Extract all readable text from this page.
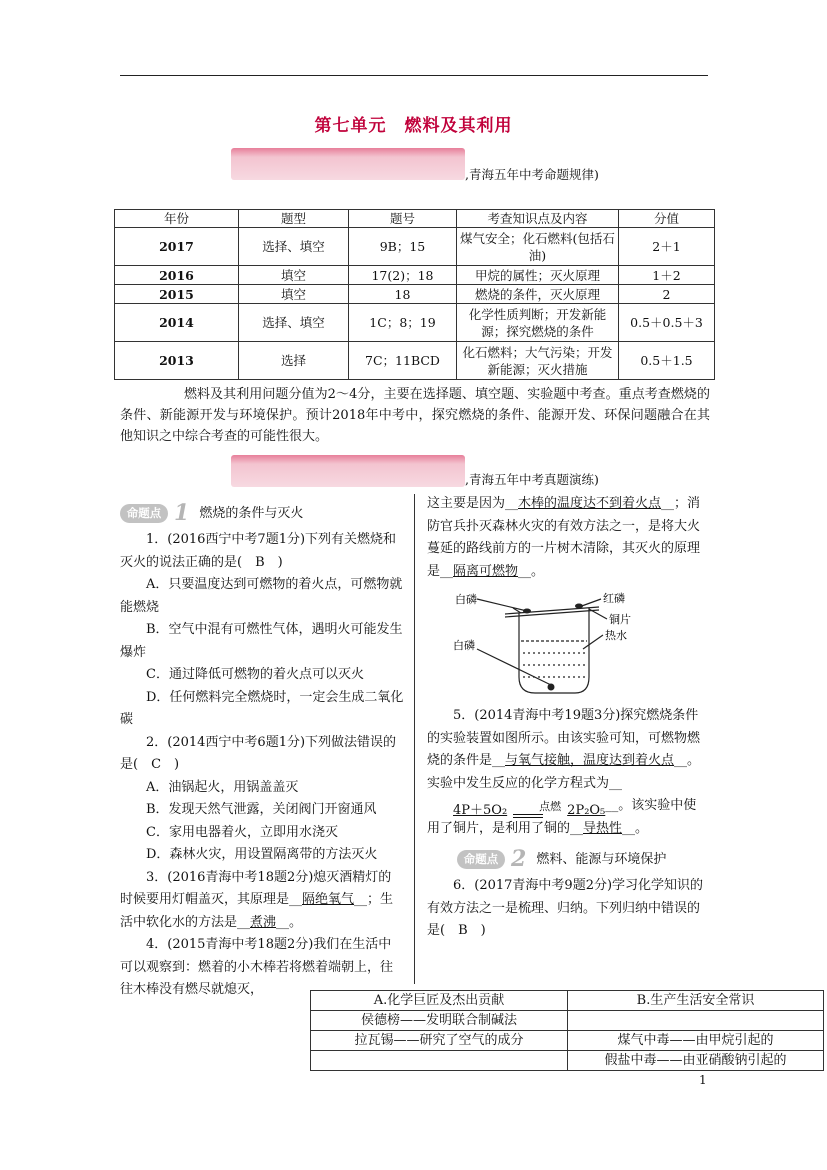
第七单元　燃料及其利用
,青海五年中考命题规律)
年份	题型	题号	考查知识点及内容	分值
2017	选择、填空	9B；15	煤气安全；化石燃料(包括石油)	2＋1
2016	填空	17(2)；18	甲烷的属性；灭火原理	1＋2
2015	填空	18	燃烧的条件，灭火原理	2
2014	选择、填空	1C；8；19	化学性质判断；开发新能源；探究燃烧的条件	0.5＋0.5＋3
2013	选择	7C；11BCD	化石燃料；大气污染；开发新能源；灭火措施	0.5＋1.5
燃料及其利用问题分值为2～4分，主要在选择题、填空题、实验题中考查。重点考查燃烧的条件、新能源开发与环境保护。预计2018年中考中，探究燃烧的条件、能源开发、环保问题融合在其他知识之中综合考查的可能性很大。
,青海五年中考真题演练)

命题点 1 燃烧的条件与灭火

1．(2016西宁中考7题1分)下列有关燃烧和灭火的说法正确的是(　B　)

A．只要温度达到可燃物的着火点，可燃物就能燃烧

B．空气中混有可燃性气体，遇明火可能发生爆炸

C．通过降低可燃物的着火点可以灭火

D．任何燃料完全燃烧时，一定会生成二氧化碳

2．(2014西宁中考6题1分)下列做法错误的是(　C　)

A．油锅起火，用锅盖盖灭

B．发现天然气泄露，关闭阀门开窗通风

C．家用电器着火，立即用水浇灭

D．森林火灾，用设置隔离带的方法灭火

3．(2016青海中考18题2分)熄灭酒精灯的时候要用灯帽盖灭，其原理是__隔绝氧气__；生活中软化水的方法是__煮沸__。

4．(2015青海中考18题2分)我们在生活中可以观察到：燃着的小木棒若将燃着端朝上，往往木棒没有燃尽就熄灭，

这主要是因为__木棒的温度达不到着火点__；消防官兵扑灭森林火灾的有效方法之一，是将大火蔓延的路线前方的一片树木清除，其灭火的原理是__隔离可燃物__。

白磷	红磷
铜片
热水
白磷

5．(2014青海中考19题3分)探究燃烧条件的实验装置如图所示。由该实验可知，可燃物燃烧的条件是__与氧气接触，温度达到着火点__。实验中发生反应的化学方程式为__4P＋5O₂	点燃 2P₂O₅__。该实验中使用了铜片，是利用了铜的__导热性__。

命题点 2 燃料、能源与环境保护

6．(2017青海中考9题2分)学习化学知识的有效方法之一是梳理、归纳。下列归纳中错误的是(　B　)

A.化学巨匠及杰出贡献	B.生产生活安全常识
侯德榜——发明联合制碱法	
拉瓦锡——研究了空气的成分	煤气中毒——由甲烷引起的
	假盐中毒——由亚硝酸钠引起的
1
